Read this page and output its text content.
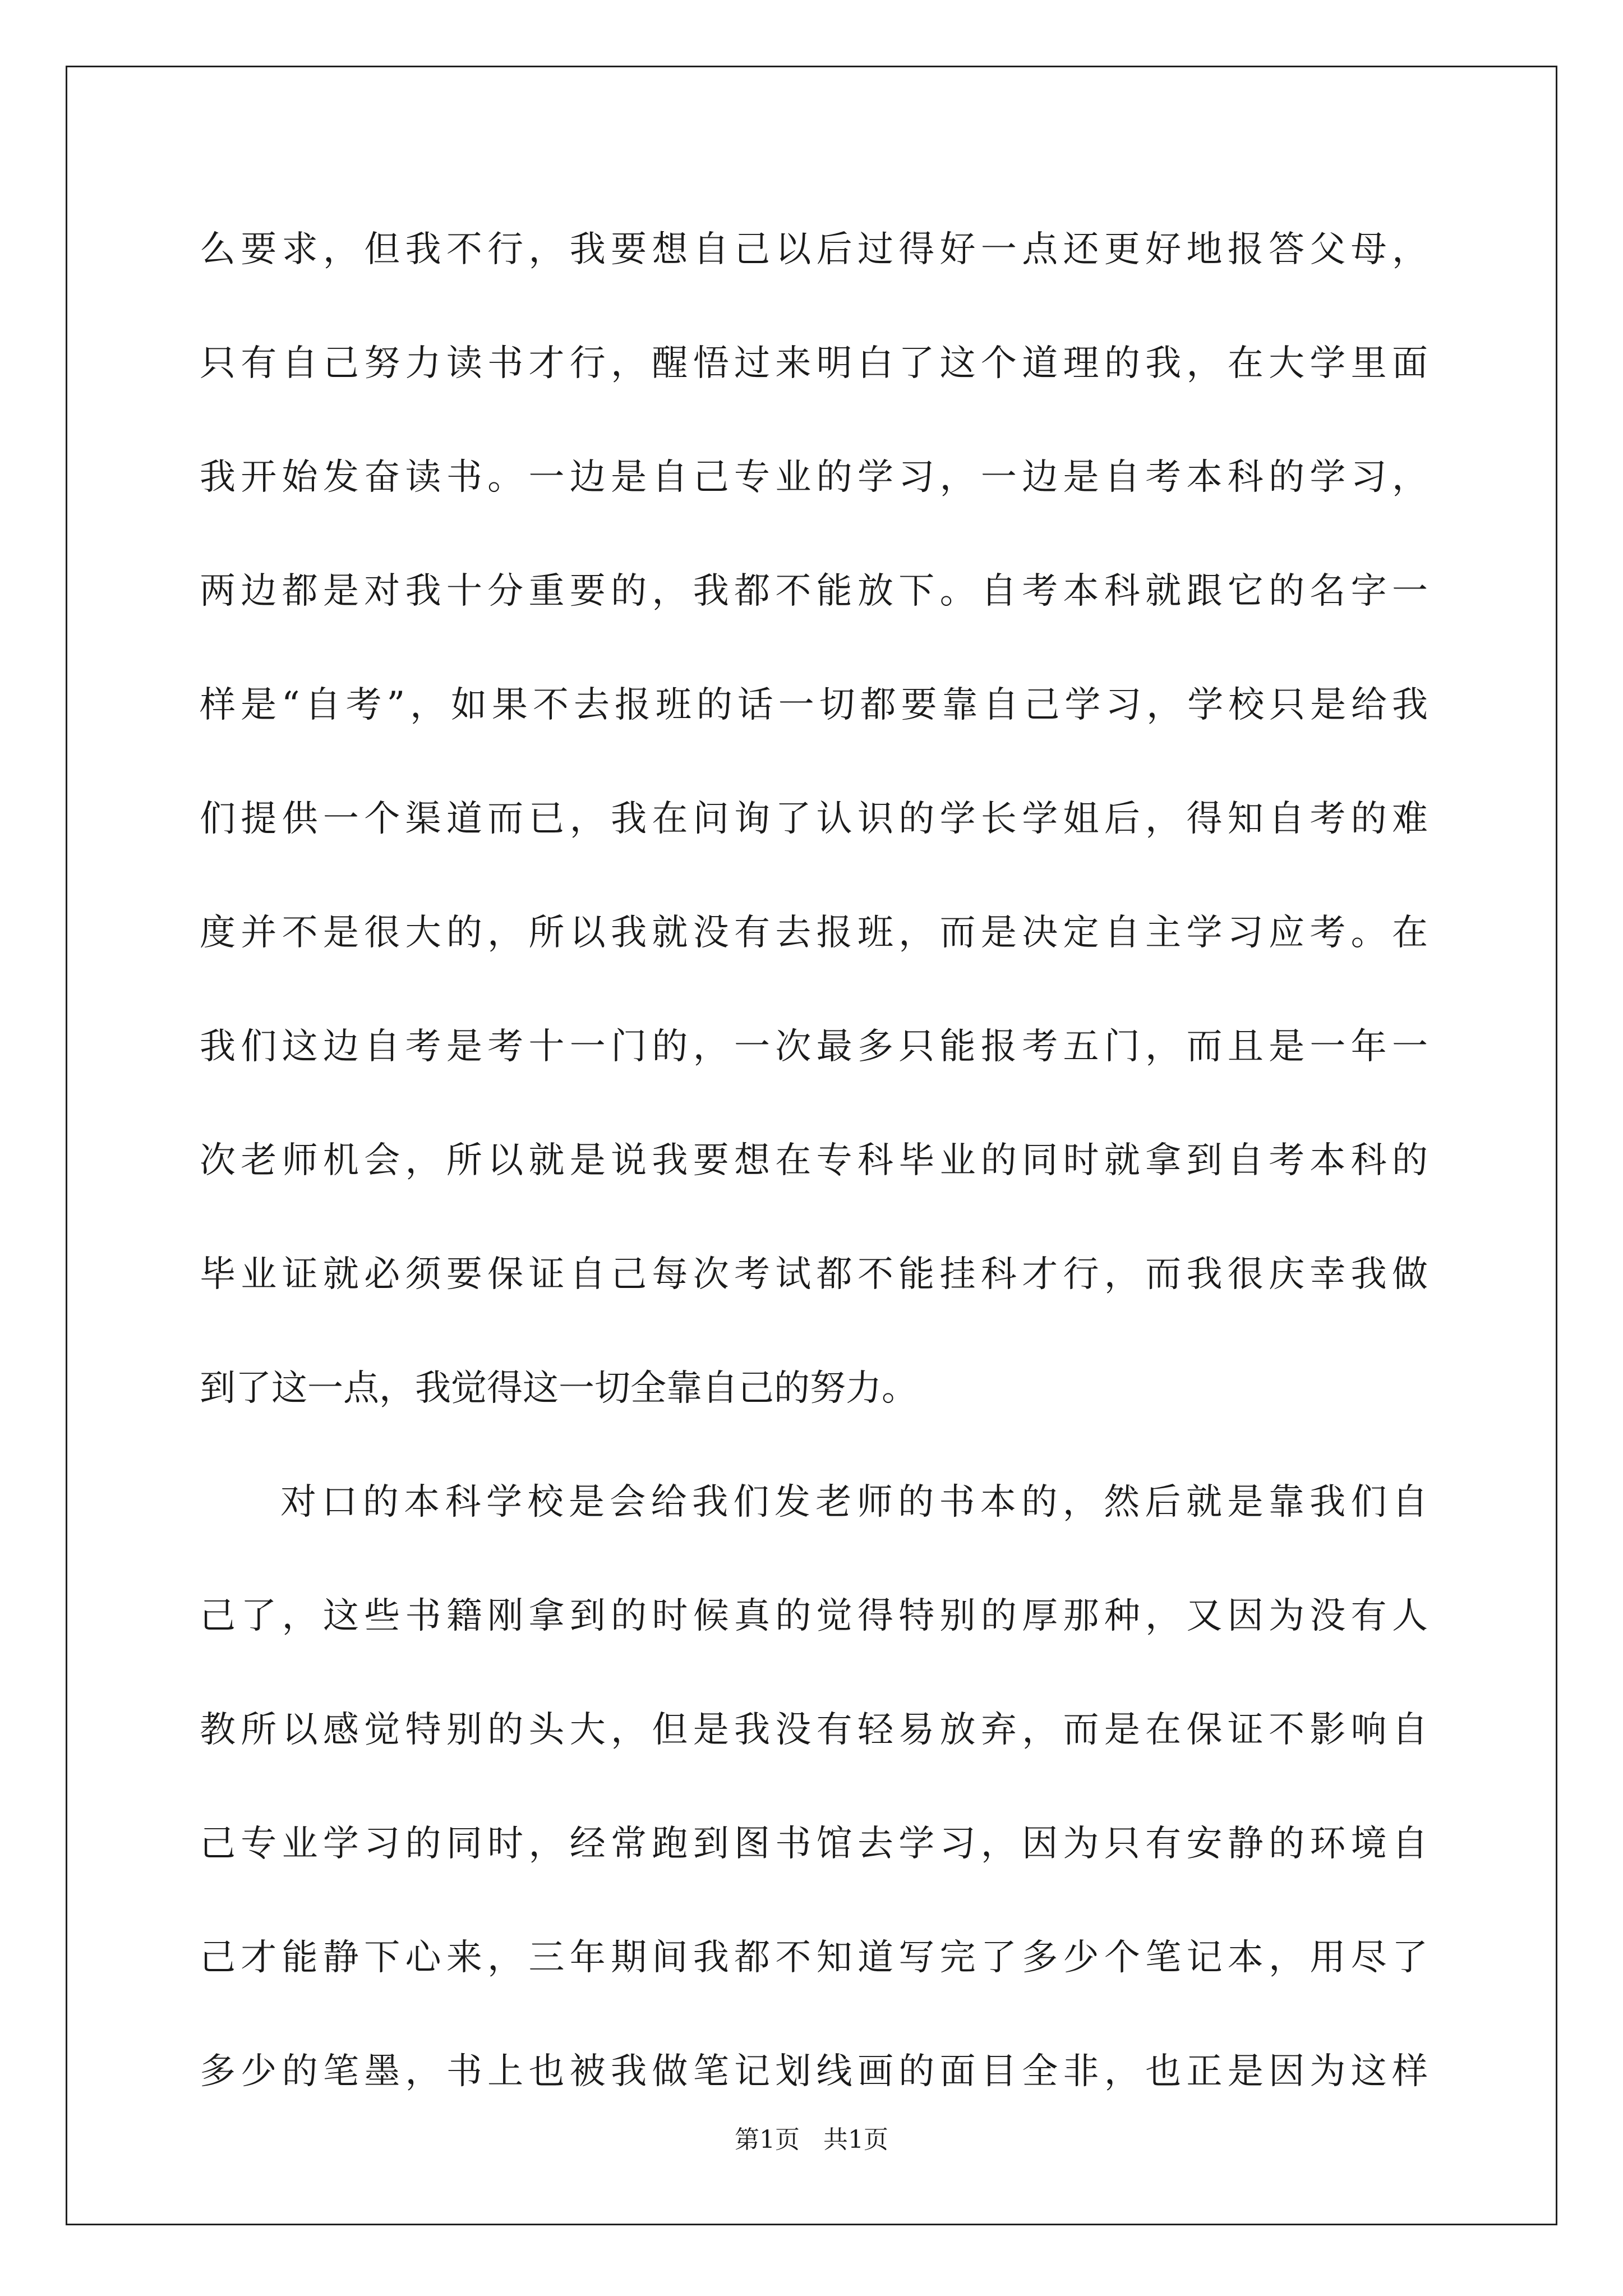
么要求，但我不行，我要想自己以后过得好一点还更好地报答父母，
只有自己努力读书才行，醒悟过来明白了这个道理的我，在大学里面
我开始发奋读书。一边是自己专业的学习，一边是自考本科的学习，
两边都是对我十分重要的，我都不能放下。自考本科就跟它的名字一
样是“自考”，如果不去报班的话一切都要靠自己学习，学校只是给我
们提供一个渠道而已，我在问询了认识的学长学姐后，得知自考的难
度并不是很大的，所以我就没有去报班，而是决定自主学习应考。在
我们这边自考是考十一门的，一次最多只能报考五门，而且是一年一
次老师机会，所以就是说我要想在专科毕业的同时就拿到自考本科的
毕业证就必须要保证自己每次考试都不能挂科才行，而我很庆幸我做
到了这一点，我觉得这一切全靠自己的努力。
对口的本科学校是会给我们发老师的书本的，然后就是靠我们自
己了，这些书籍刚拿到的时候真的觉得特别的厚那种，又因为没有人
教所以感觉特别的头大，但是我没有轻易放弃，而是在保证不影响自
己专业学习的同时，经常跑到图书馆去学习，因为只有安静的环境自
己才能静下心来，三年期间我都不知道写完了多少个笔记本，用尽了
多少的笔墨，书上也被我做笔记划线画的面目全非，也正是因为这样
第1页   共1页
